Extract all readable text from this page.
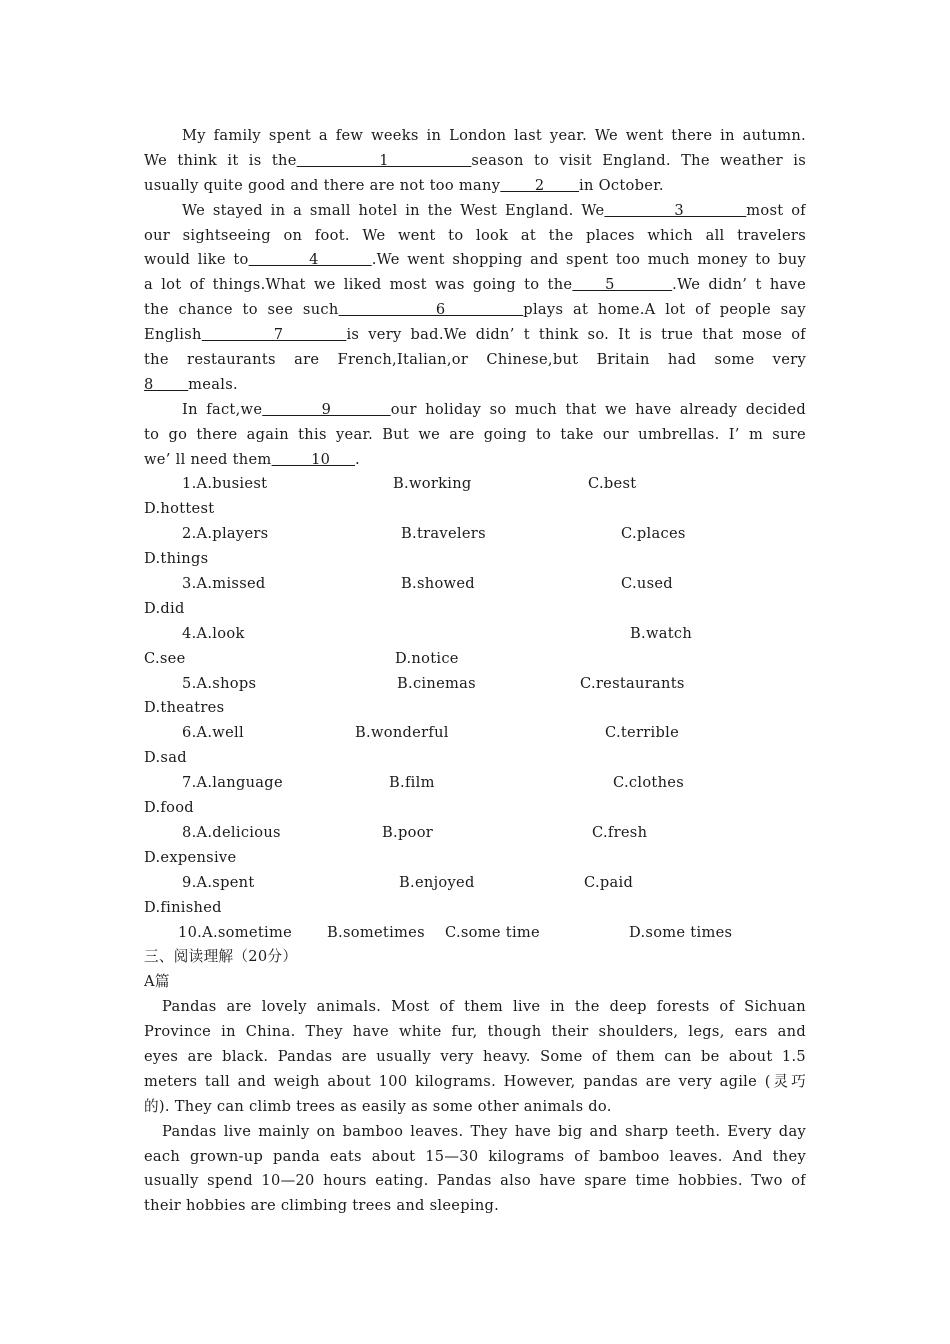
My family spent a few weeks in London last year. We went there in autumn.
We think it is the        1        season to visit England. The weather is
usually quite good and there are not too many       2       in October.
We stayed in a small hotel in the West England. We         3        most of
our sightseeing on foot. We went to look at the places which all travelers
would like to        4       .We went shopping and spent too much money to buy
a lot of things.What we liked most was going to the    5       .We didn’ t have
the chance to see such          6        plays at home.A lot of people say
English        7       is very bad.We didn’ t think so. It is true that mose of
the restaurants are French,Italian,or Chinese,but Britain had some very
8       meals.
In fact,we       9       our holiday so much that we have already decided
to go there again this year. But we are going to take our umbrellas. I’ m sure
we’ ll need them        10     .
1.A.busiest	B.working	C.best
D.hottest
2.A.players	B.travelers	C.places
D.things
3.A.missed	B.showed	C.used
D.did
4.A.look	B.watch
C.see	D.notice
5.A.shops	B.cinemas	C.restaurants
D.theatres
6.A.well	B.wonderful	C.terrible
D.sad
7.A.language	B.film	C.clothes
D.food
8.A.delicious	B.poor	C.fresh
D.expensive
9.A.spent	B.enjoyed	C.paid
D.finished
10.A.sometime B.sometimes C.some time	D.some times
三、阅读理解（20分）
A篇
Pandas are lovely animals. Most of them live in the deep forests of Sichuan
Province in China. They have white fur, though their shoulders, legs, ears and
eyes are black. Pandas are usually very heavy. Some of them can be about 1.5
meters tall and weigh about 100 kilograms. However, pandas are very agile (灵巧
的). They can climb trees as easily as some other animals do.
Pandas live mainly on bamboo leaves. They have big and sharp teeth. Every day
each grown-up panda eats about 15—30 kilograms of bamboo leaves. And they
usually spend 10—20 hours eating. Pandas also have spare time hobbies. Two of
their hobbies are climbing trees and sleeping.
